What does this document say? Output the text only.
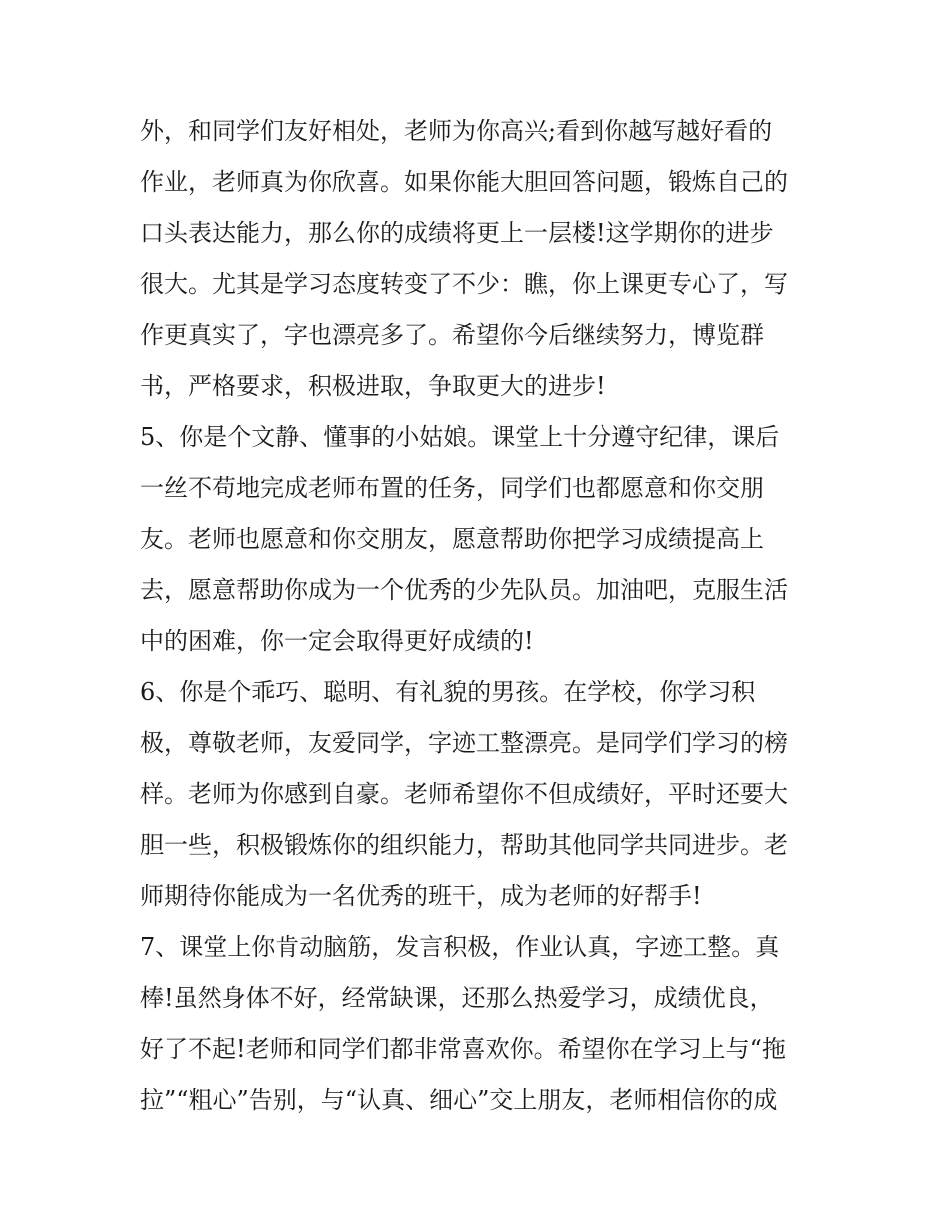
外，和同学们友好相处，老师为你高兴;看到你越写越好看的
作业，老师真为你欣喜。如果你能大胆回答问题，锻炼自己的
口头表达能力，那么你的成绩将更上一层楼!这学期你的进步
很大。尤其是学习态度转变了不少：瞧，你上课更专心了，写
作更真实了，字也漂亮多了。希望你今后继续努力，博览群
书，严格要求，积极进取，争取更大的进步!
5、你是个文静、懂事的小姑娘。课堂上十分遵守纪律，课后
一丝不苟地完成老师布置的任务，同学们也都愿意和你交朋
友。老师也愿意和你交朋友，愿意帮助你把学习成绩提高上
去，愿意帮助你成为一个优秀的少先队员。加油吧，克服生活
中的困难，你一定会取得更好成绩的!
6、你是个乖巧、聪明、有礼貌的男孩。在学校，你学习积
极，尊敬老师，友爱同学，字迹工整漂亮。是同学们学习的榜
样。老师为你感到自豪。老师希望你不但成绩好，平时还要大
胆一些，积极锻炼你的组织能力，帮助其他同学共同进步。老
师期待你能成为一名优秀的班干，成为老师的好帮手!
7、课堂上你肯动脑筋，发言积极，作业认真，字迹工整。真
棒!虽然身体不好，经常缺课，还那么热爱学习，成绩优良，
好了不起!老师和同学们都非常喜欢你。希望你在学习上与“拖
拉”“粗心”告别，与“认真、细心”交上朋友，老师相信你的成
